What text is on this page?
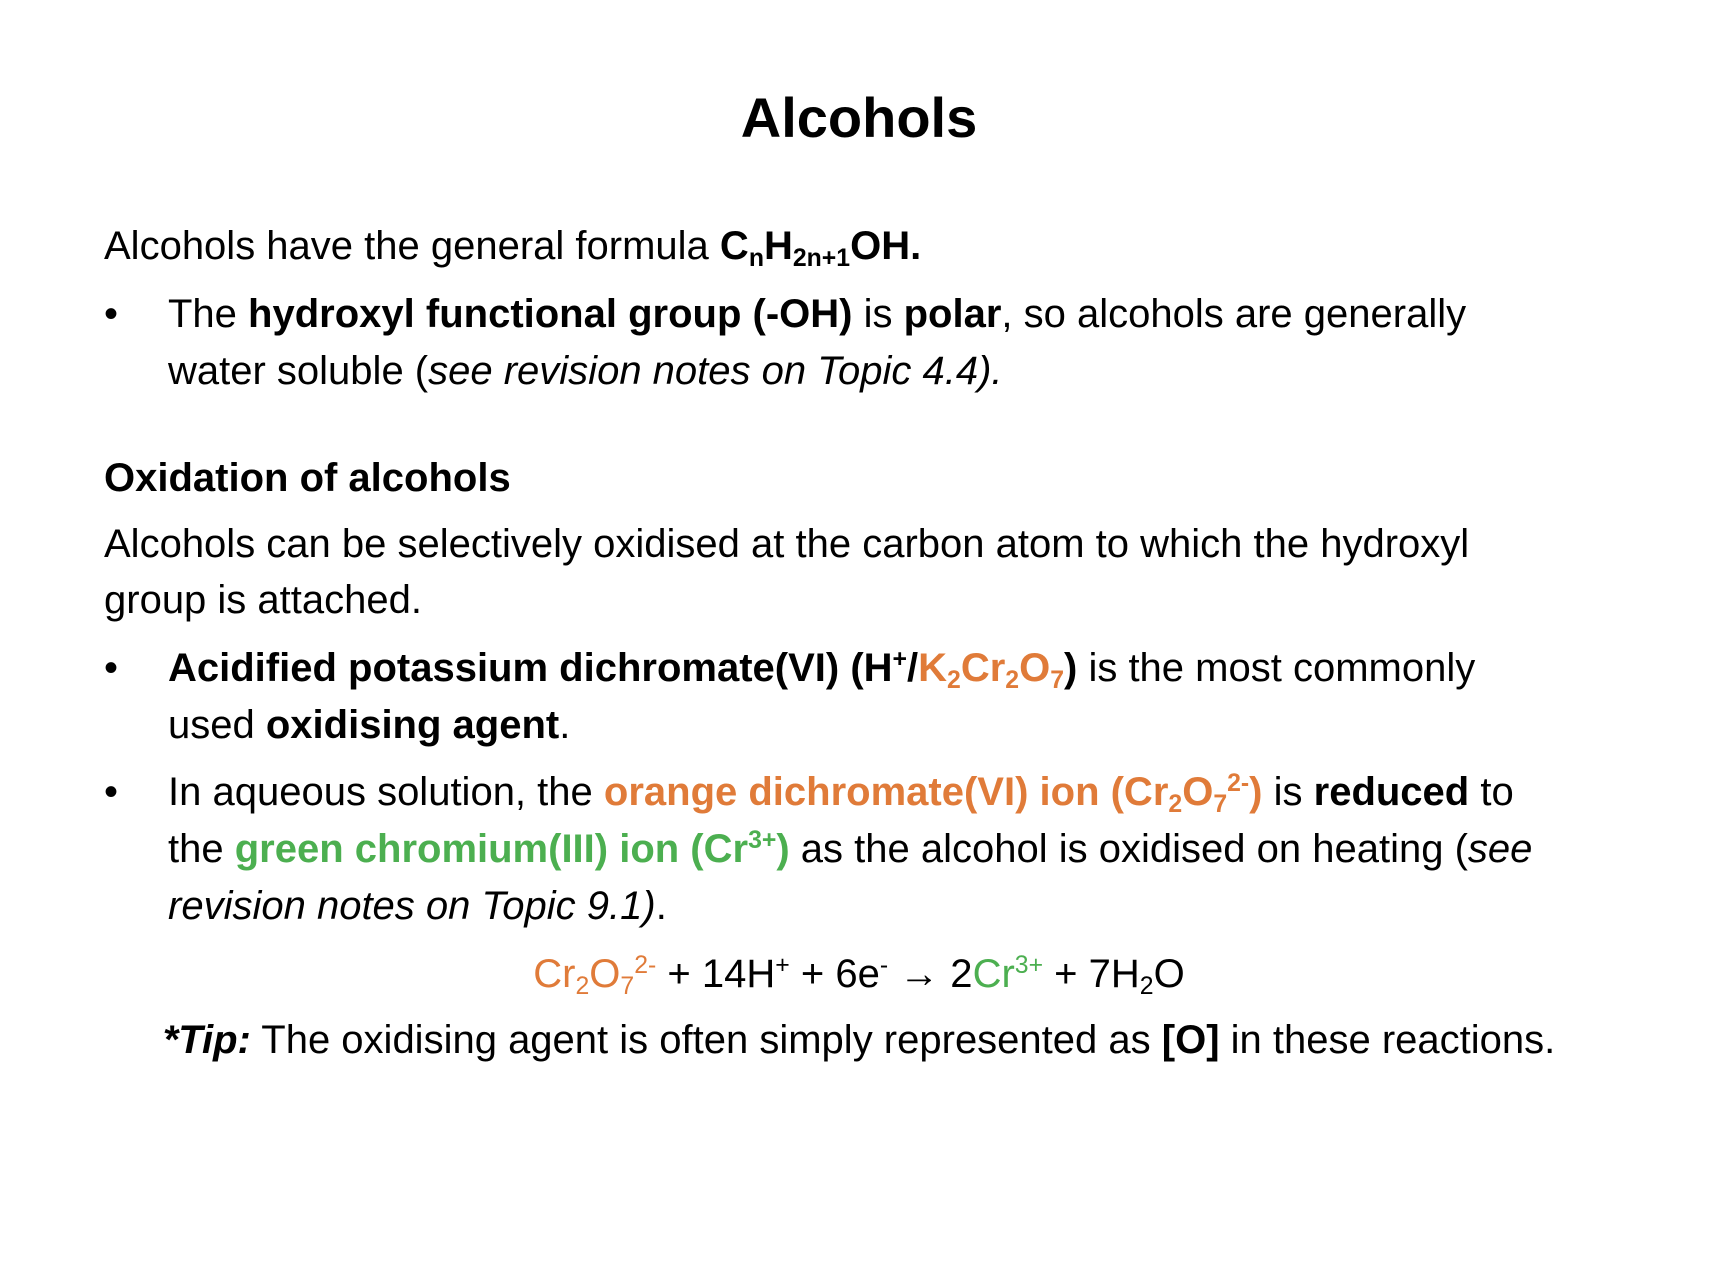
Alcohols
Alcohols have the general formula $C_nH_{2n+1}OH$.
• The hydroxyl functional group (-OH) is polar, so alcohols are generally
water soluble (see revision notes on Topic 4.4).
Oxidation of alcohols
Alcohols can be selectively oxidised at the carbon atom to which the hydroxyl
group is attached.
• Acidified potassium dichromate(VI) $(H^+/K_2Cr_2O_7)$ is the most commonly
used oxidising agent.
• In aqueous solution, the orange dichromate(VI) ion $(Cr_2O_7^{2-})$ is reduced to
the green chromium(III) ion $(Cr^{3+})$ as the alcohol is oxidised on heating (see
revision notes on Topic 9.1).
$Cr_2O_7^{2-} + 14H^+ + 6e^- \to 2Cr^{3+} + 7H_2O$
*Tip: The oxidising agent is often simply represented as [O] in these reactions.
